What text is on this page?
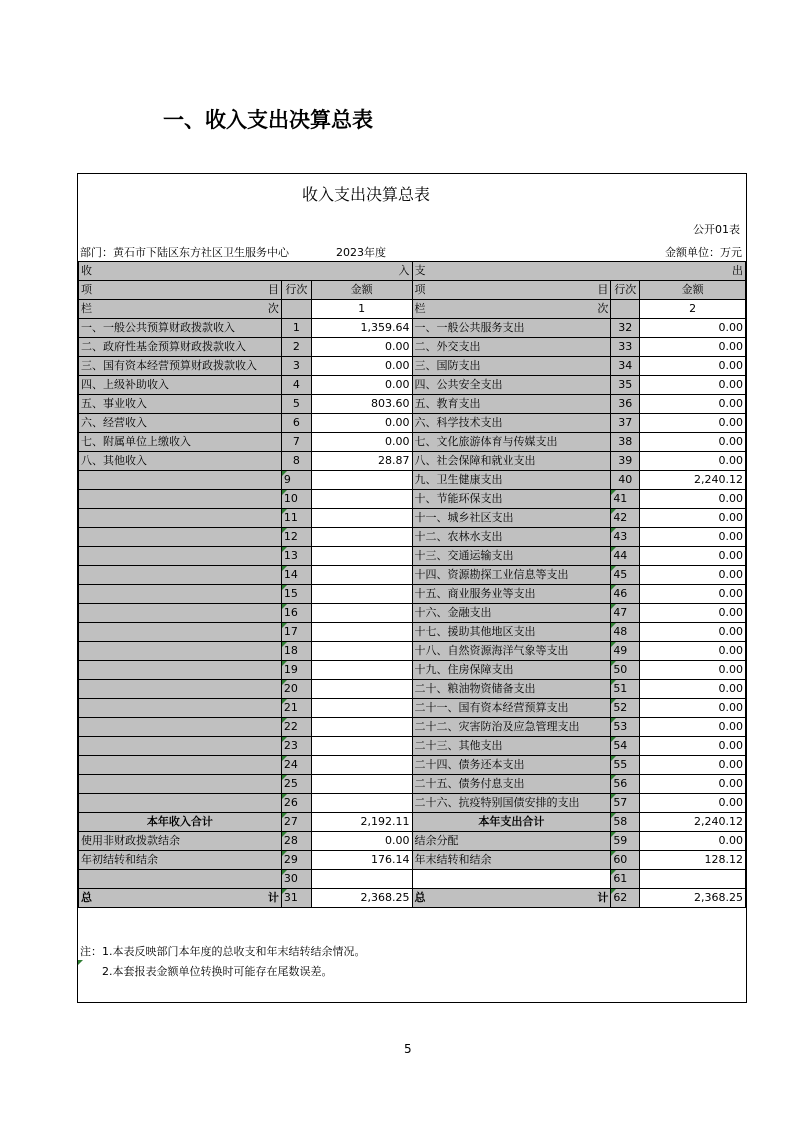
一、收入支出决算总表
收入支出决算总表
公开01表
部门：黄石市下陆区东方社区卫生服务中心	2023年度	金额单位：万元
收 入			支 出		

项 目	行次	金额	项 目	行次	金额

栏 次		1	栏 次		2
一、一般公共预算财政拨款收入	1	1,359.64	一、一般公共服务支出	32	0.00
二、政府性基金预算财政拨款收入	2	0.00	二、外交支出	33	0.00
三、国有资本经营预算财政拨款收入	3	0.00	三、国防支出	34	0.00
四、上级补助收入	4	0.00	四、公共安全支出	35	0.00
五、事业收入	5	803.60	五、教育支出	36	0.00
六、经营收入	6	0.00	六、科学技术支出	37	0.00
七、附属单位上缴收入	7	0.00	七、文化旅游体育与传媒支出	38	0.00
八、其他收入	8	28.87	八、社会保障和就业支出	39	0.00
	9		九、卫生健康支出	40	2,240.12
	10		十、节能环保支出	41	0.00
	11		十一、城乡社区支出	42	0.00
	12		十二、农林水支出	43	0.00
	13		十三、交通运输支出	44	0.00
	14		十四、资源勘探工业信息等支出	45	0.00
	15		十五、商业服务业等支出	46	0.00
	16		十六、金融支出	47	0.00
	17		十七、援助其他地区支出	48	0.00
	18		十八、自然资源海洋气象等支出	49	0.00
	19		十九、住房保障支出	50	0.00
	20		二十、粮油物资储备支出	51	0.00
	21		二十一、国有资本经营预算支出	52	0.00
	22		二十二、灾害防治及应急管理支出	53	0.00
	23		二十三、其他支出	54	0.00
	24		二十四、债务还本支出	55	0.00
	25		二十五、债务付息支出	56	0.00
	26		二十六、抗疫特别国债安排的支出	57	0.00
本年收入合计	27	2,192.11	本年支出合计	58	2,240.12
使用非财政拨款结余	28	0.00	结余分配	59	0.00
年初结转和结余	29	176.14	年末结转和结余	60	128.12
	30			61	

总 计	31	2,368.25	总 计	62	2,368.25
注：1.本表反映部门本年度的总收支和年末结转结余情况。
2.本套报表金额单位转换时可能存在尾数误差。
5
